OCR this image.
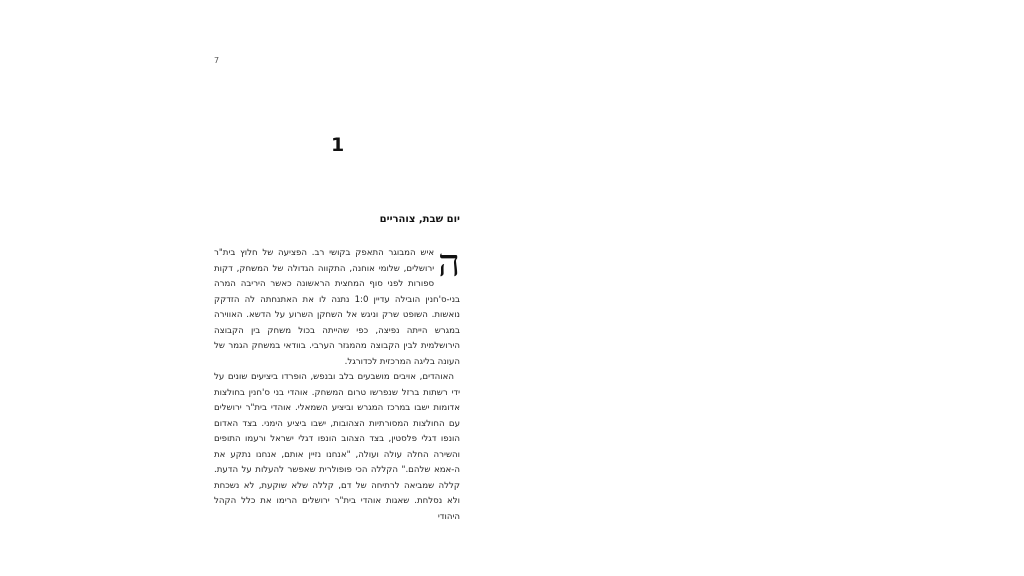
7
1
יום שבת, צוהריים
ה

איש המבוגר התאפק בקושי רב. הפציעה של חלוץ בית"ר ירושלים, שלומי אוחנה, התקווה הגדולה של המשחק, דקות ספורות לפני סוף המחצית הראשונה כאשר היריבה המרה בני-ס'חנין הובילה עדיין 1:0 נתנה לו את האתנחתה לה הזדקק נואשות. השופט שרק וניגש אל השחקן השרוע על הדשא. האווירה במגרש הייתה נפיצה, כפי שהייתה בכול משחק בין הקבוצה הירושלמית לבין הקבוצה מהמגזר הערבי. בוודאי במשחק הגמר של העונה בליגה המרכזית לכדורגל.

האוהדים, אויבים מושבעים בלב ובנפש, הופרדו ביציעים שונים על ידי רשתות ברזל שנפרשו טרום המשחק. אוהדי בני ס'חנין בחולצות אדומות ישבו במרכז המגרש וביציע השמאלי. אוהדי בית"ר ירושלים עם החולצות המסורתיות הצהובות, ישבו ביציע הימני. בצד האדום הונפו דגלי פלסטין, בצד הצהוב הונפו דגלי ישראל ורעמו התופים והשירה החלה עולה ועולה, "אנחנו נזיין אותם, אנחנו נתקע את ה-אמא שלהם." הקללה הכי פופולרית שאפשר להעלות על הדעת. קללה שמביאה לרתיחה של דם, קללה שלא שוקעת, לא נשכחת ולא נסלחת. שאגות אוהדי בית"ר ירושלים הרימו את כלל הקהל היהודי
